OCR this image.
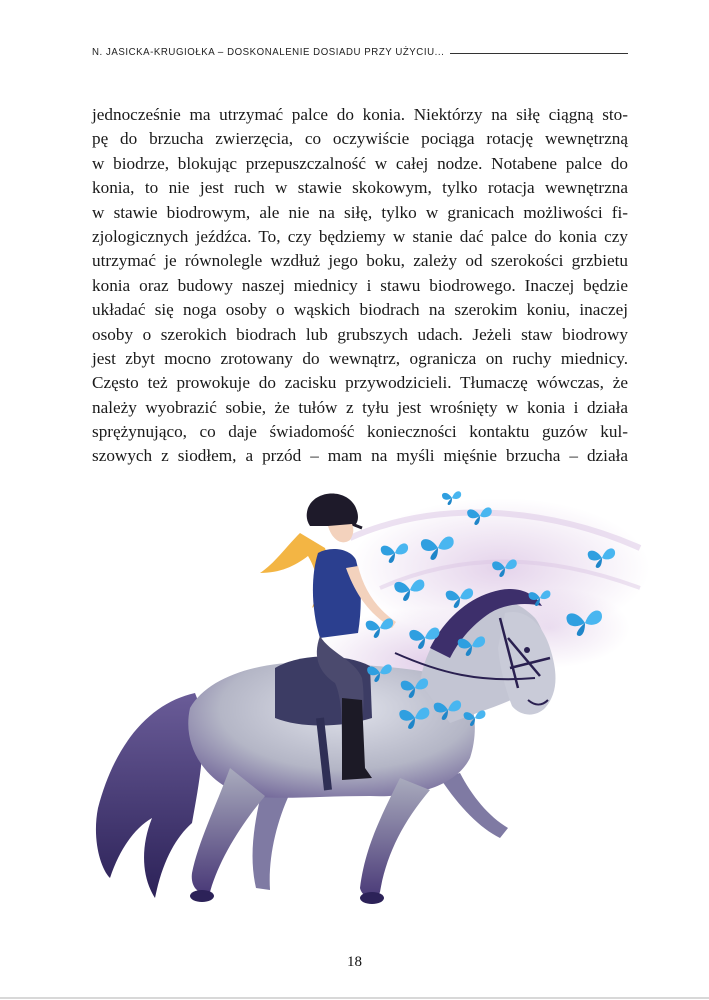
N. JASICKA-KRUGIOŁKA – DOSKONALENIE DOSIADU PRZY UŻYCIU...
jednocześnie ma utrzymać palce do konia. Niektórzy na siłę ciągną sto-
pę do brzucha zwierzęcia, co oczywiście pociąga rotację wewnętrzną
w biodrze, blokując przepuszczalność w całej nodze. Notabene palce do
konia, to nie jest ruch w stawie skokowym, tylko rotacja wewnętrzna
w stawie biodrowym, ale nie na siłę, tylko w granicach możliwości fi-
zjologicznych jeźdźca. To, czy będziemy w stanie dać palce do konia czy
utrzymać je równolegle wzdłuż jego boku, zależy od szerokości grzbietu
konia oraz budowy naszej miednicy i stawu biodrowego. Inaczej będzie
układać się noga osoby o wąskich biodrach na szerokim koniu, inaczej
osoby o szerokich biodrach lub grubszych udach. Jeżeli staw biodrowy
jest zbyt mocno zrotowany do wewnątrz, ogranicza on ruchy miednicy.
Często też prowokuje do zacisku przywodzicieli. Tłumaczę wówczas, że
należy wyobrazić sobie, że tułów z tyłu jest wrośnięty w konia i działa
sprężynująco, co daje świadomość konieczności kontaktu guzów kul-
szowych z siodłem, a przód – mam na myśli mięśnie brzucha – działa
18
